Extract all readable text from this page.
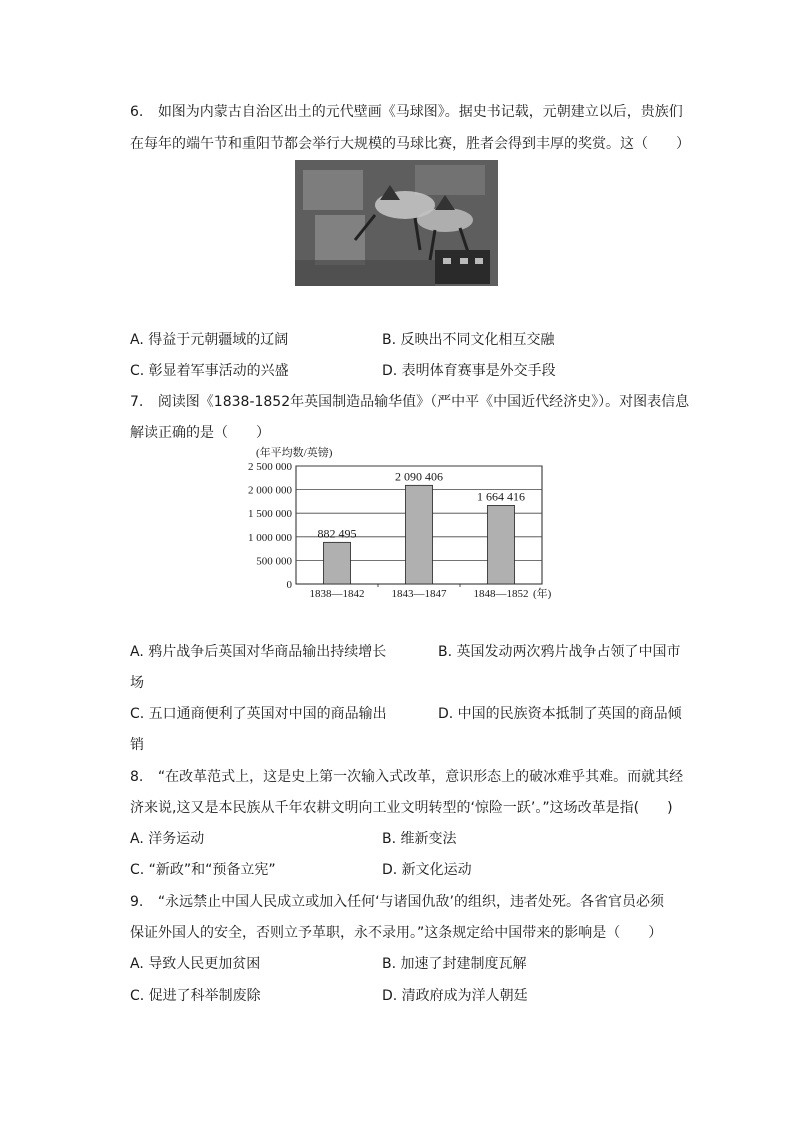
6. 如图为内蒙古自治区出土的元代壁画《马球图》。据史书记载，元朝建立以后，贵族们
在每年的端午节和重阳节都会举行大规模的马球比赛，胜者会得到丰厚的奖赏。这（　　）
A. 得益于元朝疆域的辽阔	B. 反映出不同文化相互交融
C. 彰显着军事活动的兴盛	D. 表明体育赛事是外交手段
7. 阅读图《1838-1852年英国制造品输华值》（严中平《中国近代经济史》）。对图表信息
解读正确的是（　　）
(年平均数/英镑)
0
500 000
1 000 000
1 500 000
2 000 000
2 500 000
882 495
2 090 406
1 664 416
1838—1842 1843—1847 1848—1852 (年)
A. 鸦片战争后英国对华商品输出持续增长	B. 英国发动两次鸦片战争占领了中国市
场
C. 五口通商便利了英国对中国的商品输出	D. 中国的民族资本抵制了英国的商品倾
销
8. “在改革范式上，这是史上第一次输入式改革，意识形态上的破冰难乎其难。而就其经
济来说,这又是本民族从千年农耕文明向工业文明转型的‘惊险一跃’。”这场改革是指(　　)
A. 洋务运动	B. 维新变法
C. “新政”和“预备立宪”	D. 新文化运动
9. “永远禁止中国人民成立或加入任何‘与诸国仇敌’的组织，违者处死。各省官员必须
保证外国人的安全，否则立予革职，永不录用。”这条规定给中国带来的影响是（　　）
A. 导致人民更加贫困	B. 加速了封建制度瓦解
C. 促进了科举制废除	D. 清政府成为洋人朝廷
